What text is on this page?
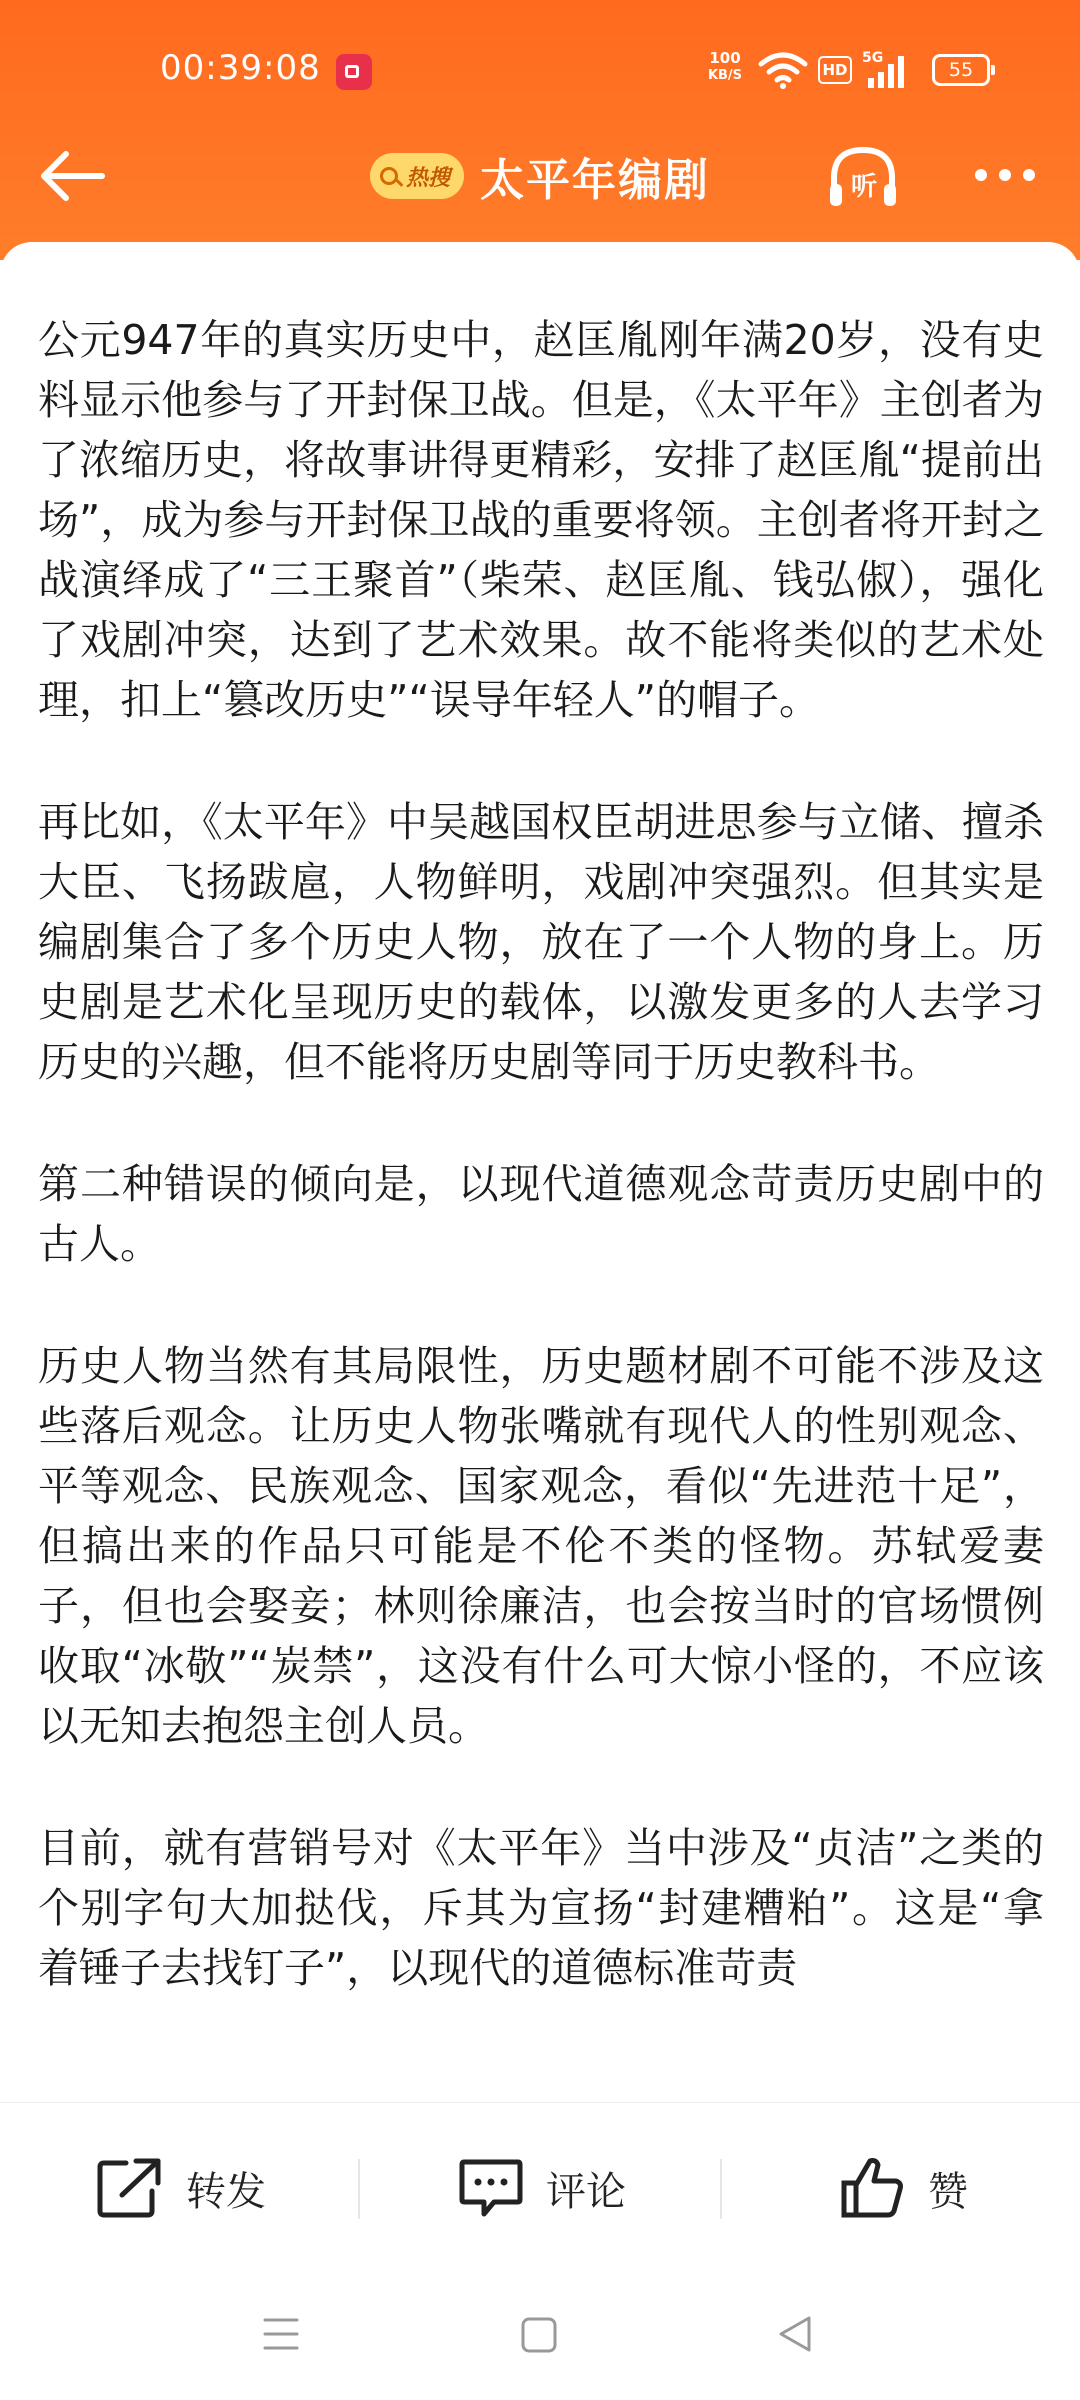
00:39:08	100
KB/S	HD
5G
55
热搜 太平年编剧	听

公元947年的真实历史中，赵匡胤刚年满20岁，没有史料显示他参与了开封保卫战。但是，《太平年》主创者为了浓缩历史，将故事讲得更精彩，安排了赵匡胤“提前出场”，成为参与开封保卫战的重要将领。主创者将开封之战演绎成了“三王聚首”（柴荣、赵匡胤、钱弘俶），强化了戏剧冲突，达到了艺术效果。故不能将类似的艺术处理，扣上“篡改历史”“误导年轻人”的帽子。

再比如，《太平年》中吴越国权臣胡进思参与立储、擅杀大臣、飞扬跋扈，人物鲜明，戏剧冲突强烈。但其实是编剧集合了多个历史人物，放在了一个人物的身上。历史剧是艺术化呈现历史的载体，以激发更多的人去学习历史的兴趣，但不能将历史剧等同于历史教科书。

第二种错误的倾向是，以现代道德观念苛责历史剧中的古人。

历史人物当然有其局限性，历史题材剧不可能不涉及这些落后观念。让历史人物张嘴就有现代人的性别观念、平等观念、民族观念、国家观念，看似“先进范十足”，但搞出来的作品只可能是不伦不类的怪物。苏轼爱妻子，但也会娶妾；林则徐廉洁，也会按当时的官场惯例收取“冰敬”“炭禁”，这没有什么可大惊小怪的，不应该以无知去抱怨主创人员。

目前，就有营销号对《太平年》当中涉及“贞洁”之类的个别字句大加挞伐，斥其为宣扬“封建糟粕”。这是“拿着锤子去找钉子”，以现代的道德标准苛责

转发	评论	赞
